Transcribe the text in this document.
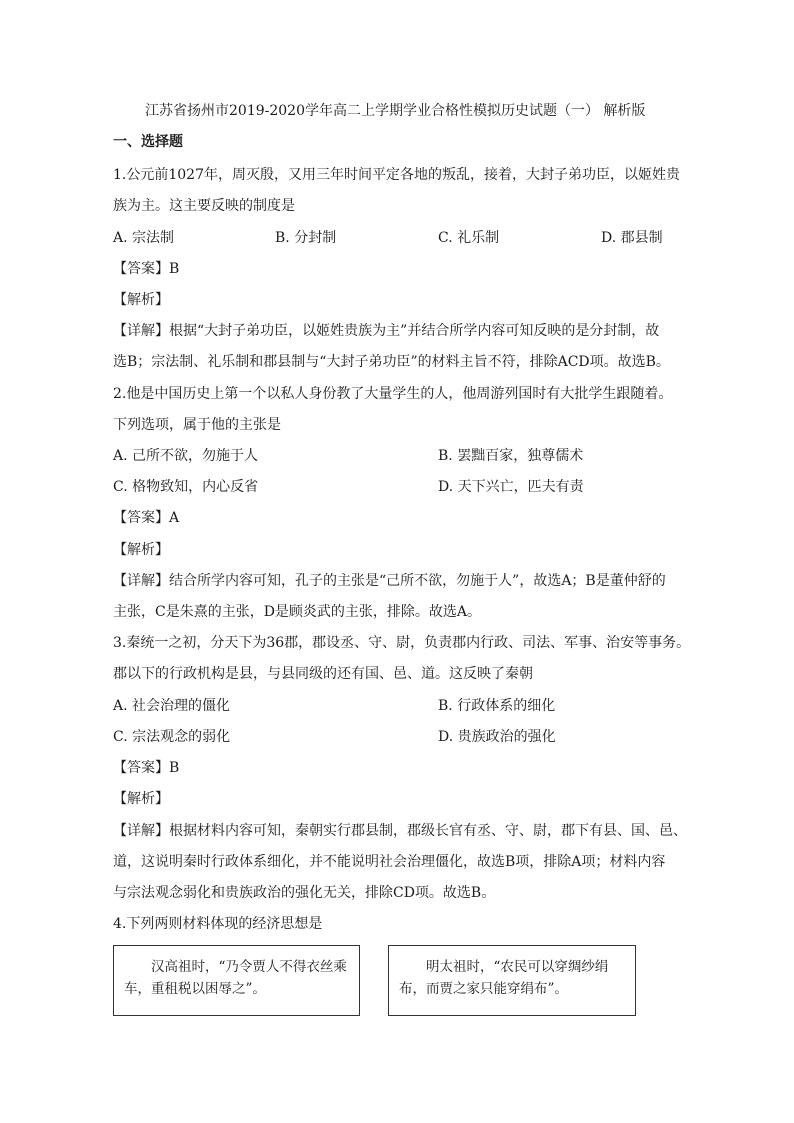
江苏省扬州市2019-2020学年高二上学期学业合格性模拟历史试题（一） 解析版
一、选择题
1.公元前1027年，周灭殷，又用三年时间平定各地的叛乱，接着，大封子弟功臣，以姬姓贵
族为主。这主要反映的制度是
A. 宗法制	B. 分封制	C. 礼乐制	D. 郡县制
【答案】B
【解析】
【详解】根据“大封子弟功臣，以姬姓贵族为主”并结合所学内容可知反映的是分封制，故
选B；宗法制、礼乐制和郡县制与“大封子弟功臣”的材料主旨不符，排除ACD项。故选B。
2.他是中国历史上第一个以私人身份教了大量学生的人，他周游列国时有大批学生跟随着。
下列选项，属于他的主张是
A. 己所不欲，勿施于人	B. 罢黜百家，独尊儒术
C. 格物致知，内心反省	D. 天下兴亡，匹夫有责
【答案】A
【解析】
【详解】结合所学内容可知，孔子的主张是“己所不欲，勿施于人”，故选A；B是董仲舒的
主张，C是朱熹的主张，D是顾炎武的主张，排除。故选A。
3.秦统一之初，分天下为36郡，郡设丞、守、尉，负责郡内行政、司法、军事、治安等事务。
郡以下的行政机构是县，与县同级的还有国、邑、道。这反映了秦朝
A. 社会治理的僵化	B. 行政体系的细化
C. 宗法观念的弱化	D. 贵族政治的强化
【答案】B
【解析】
【详解】根据材料内容可知，秦朝实行郡县制，郡级长官有丞、守、尉，郡下有县、国、邑、
道，这说明秦时行政体系细化，并不能说明社会治理僵化，故选B项，排除A项；材料内容
与宗法观念弱化和贵族政治的强化无关，排除CD项。故选B。
4.下列两则材料体现的经济思想是
汉高祖时，“乃令贾人不得衣丝乘车，重租税以困辱之”。
明太祖时，“农民可以穿绸纱绢布，而贾之家只能穿绢布”。
